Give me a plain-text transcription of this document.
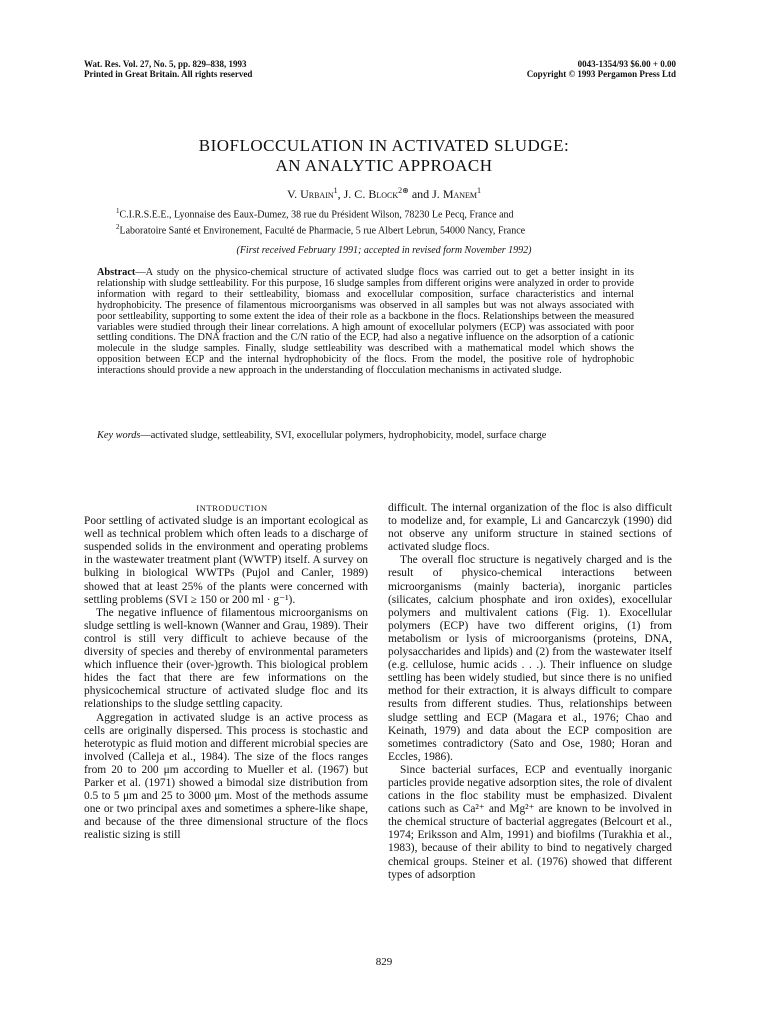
Wat. Res. Vol. 27, No. 5, pp. 829–838, 1993
Printed in Great Britain. All rights reserved
0043-1354/93 $6.00 + 0.00
Copyright © 1993 Pergamon Press Ltd
BIOFLOCCULATION IN ACTIVATED SLUDGE:
AN ANALYTIC APPROACH
V. Urbain$^1$, J. C. Block$^{2⊛}$ and J. Manem$^1$
$^1$C.I.R.S.E.E., Lyonnaise des Eaux-Dumez, 38 rue du Président Wilson, 78230 Le Pecq, France and
$^2$Laboratoire Santé et Environement, Faculté de Pharmacie, 5 rue Albert Lebrun, 54000 Nancy, France
(First received February 1991; accepted in revised form November 1992)
Abstract—A study on the physico-chemical structure of activated sludge flocs was carried out to get a better insight in its relationship with sludge settleability. For this purpose, 16 sludge samples from different origins were analyzed in order to provide information with regard to their settleability, biomass and exocellular composition, surface characteristics and internal hydrophobicity. The presence of filamentous microorganisms was observed in all samples but was not always associated with poor settleability, supporting to some extent the idea of their role as a backbone in the flocs. Relationships between the measured variables were studied through their linear correlations. A high amount of exocellular polymers (ECP) was associated with poor settling conditions. The DNA fraction and the C/N ratio of the ECP, had also a negative influence on the adsorption of a cationic molecule in the sludge samples. Finally, sludge settleability was described with a mathematical model which shows the opposition between ECP and the internal hydrophobicity of the flocs. From the model, the positive role of hydrophobic interactions should provide a new approach in the understanding of flocculation mechanisms in activated sludge.
Key words—activated sludge, settleability, SVI, exocellular polymers, hydrophobicity, model, surface charge

INTRODUCTION

Poor settling of activated sludge is an important ecological as well as technical problem which often leads to a discharge of suspended solids in the environment and operating problems in the wastewater treatment plant (WWTP) itself. A survey on bulking in biological WWTPs (Pujol and Canler, 1989) showed that at least 25% of the plants were concerned with settling problems (SVI ≥ 150 or 200 ml · g⁻¹).

The negative influence of filamentous microorganisms on sludge settling is well-known (Wanner and Grau, 1989). Their control is still very difficult to achieve because of the diversity of species and thereby of environmental parameters which influence their (over-)growth. This biological problem hides the fact that there are few informations on the physicochemical structure of activated sludge floc and its relationships to the sludge settling capacity.

Aggregation in activated sludge is an active process as cells are originally dispersed. This process is stochastic and heterotypic as fluid motion and different microbial species are involved (Calleja et al., 1984). The size of the flocs ranges from 20 to 200 μm according to Mueller et al. (1967) but Parker et al. (1971) showed a bimodal size distribution from 0.5 to 5 μm and 25 to 3000 μm. Most of the methods assume one or two principal axes and sometimes a sphere-like shape, and because of the three dimensional structure of the flocs realistic sizing is still

difficult. The internal organization of the floc is also difficult to modelize and, for example, Li and Gancarczyk (1990) did not observe any uniform structure in stained sections of activated sludge flocs.

The overall floc structure is negatively charged and is the result of physico-chemical interactions between microorganisms (mainly bacteria), inorganic particles (silicates, calcium phosphate and iron oxides), exocellular polymers and multivalent cations (Fig. 1). Exocellular polymers (ECP) have two different origins, (1) from metabolism or lysis of microorganisms (proteins, DNA, polysaccharides and lipids) and (2) from the wastewater itself (e.g. cellulose, humic acids . . .). Their influence on sludge settling has been widely studied, but since there is no unified method for their extraction, it is always difficult to compare results from different studies. Thus, relationships between sludge settling and ECP (Magara et al., 1976; Chao and Keinath, 1979) and data about the ECP composition are sometimes contradictory (Sato and Ose, 1980; Horan and Eccles, 1986).

Since bacterial surfaces, ECP and eventually inorganic particles provide negative adsorption sites, the role of divalent cations in the floc stability must be emphasized. Divalent cations such as Ca²⁺ and Mg²⁺ are known to be involved in the chemical structure of bacterial aggregates (Belcourt et al., 1974; Eriksson and Alm, 1991) and biofilms (Turakhia et al., 1983), because of their ability to bind to negatively charged chemical groups. Steiner et al. (1976) showed that different types of adsorption

829
